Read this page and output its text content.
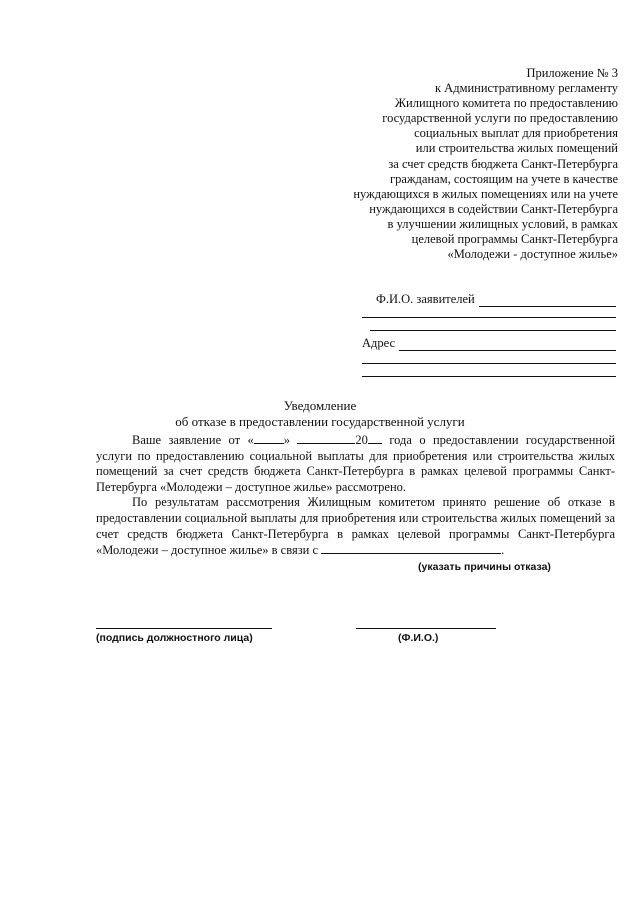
Приложение № 3
к Административному регламенту
Жилищного комитета по предоставлению
государственной услуги по предоставлению
социальных выплат для приобретения
или строительства жилых помещений
за счет средств бюджета Санкт-Петербурга
гражданам, состоящим на учете в качестве
нуждающихся в жилых помещениях или на учете
нуждающихся в содействии Санкт-Петербурга
в улучшении жилищных условий, в рамках
целевой программы Санкт-Петербурга
«Молодежи - доступное жилье»
Ф.И.О. заявителей
Адрес
Уведомление
об отказе в предоставлении государственной услуги

Ваше заявление от « »	20 года о предоставлении государственной услуги по предоставлению социальной выплаты для приобретения или строительства жилых помещений за счет средств бюджета Санкт-Петербурга в рамках целевой программы Санкт-Петербурга «Молодежи – доступное жилье» рассмотрено.

По результатам рассмотрения Жилищным комитетом принято решение об отказе в предоставлении социальной выплаты для приобретения или строительства жилых помещений за счет средств бюджета Санкт-Петербурга в рамках целевой программы Санкт-Петербурга «Молодежи – доступное жилье» в связи с	.

(указать причины отказа)
(подпись должностного лица)	(Ф.И.О.)
